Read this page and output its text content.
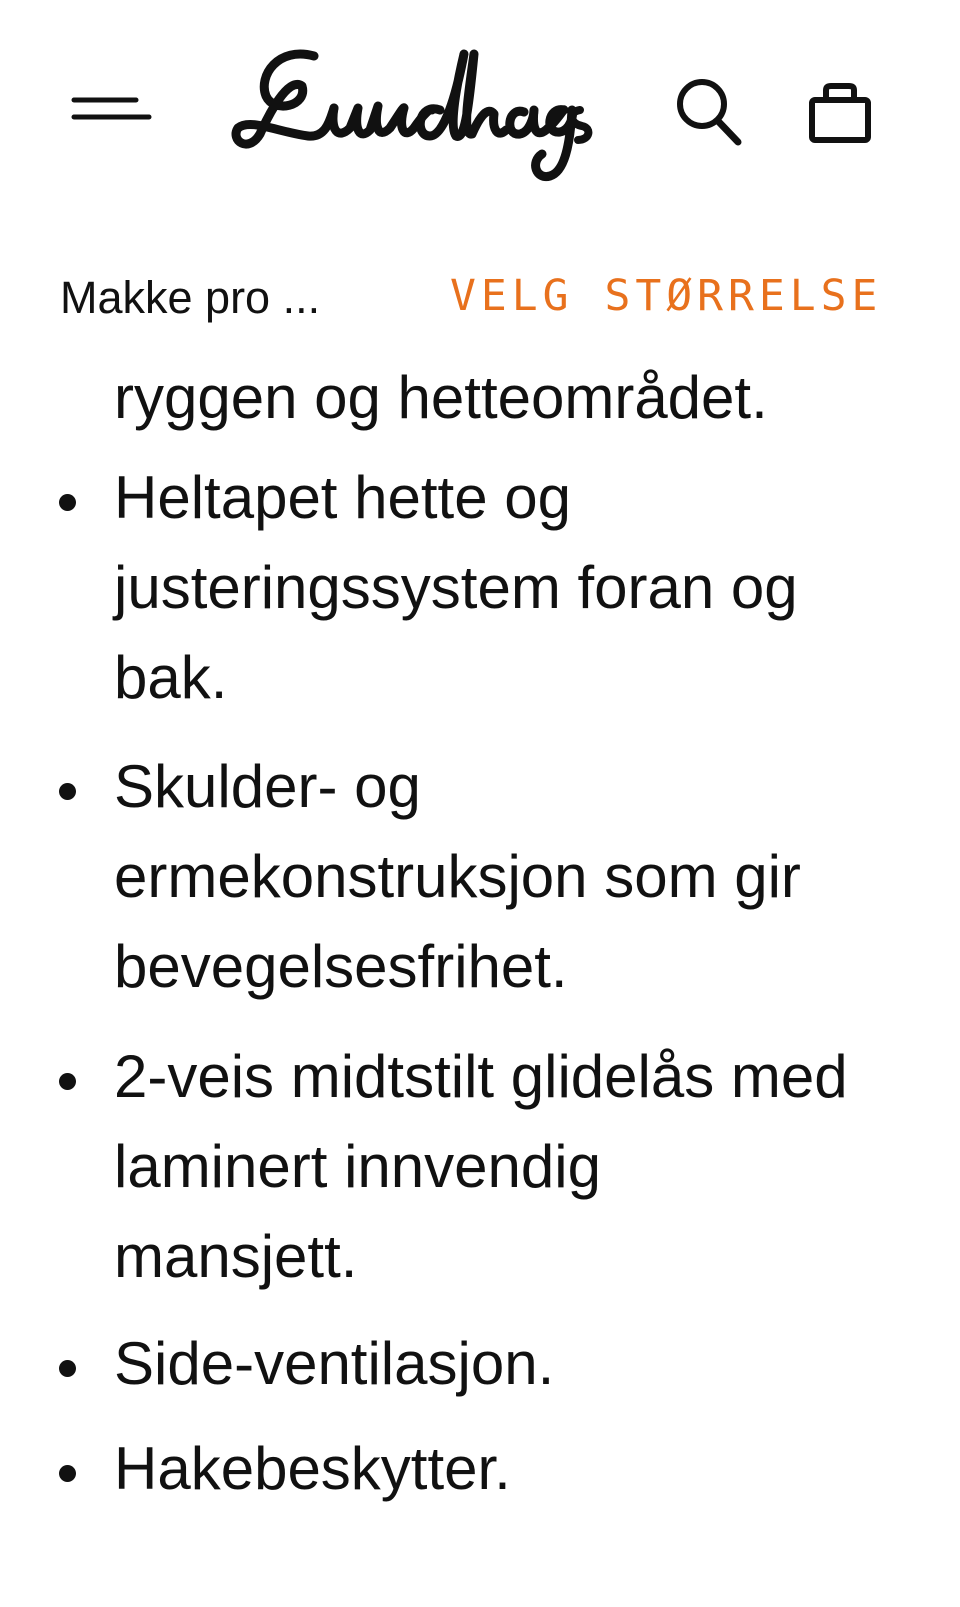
Makke pro ...	VELG STØRRELSE
ryggen og hetteområdet.
Heltapet hette og
justeringssystem foran og
bak.
Skulder- og
ermekonstruksjon som gir
bevegelsesfrihet.
2-veis midtstilt glidelås med
laminert innvendig
mansjett.
Side-ventilasjon.
Hakebeskytter.
